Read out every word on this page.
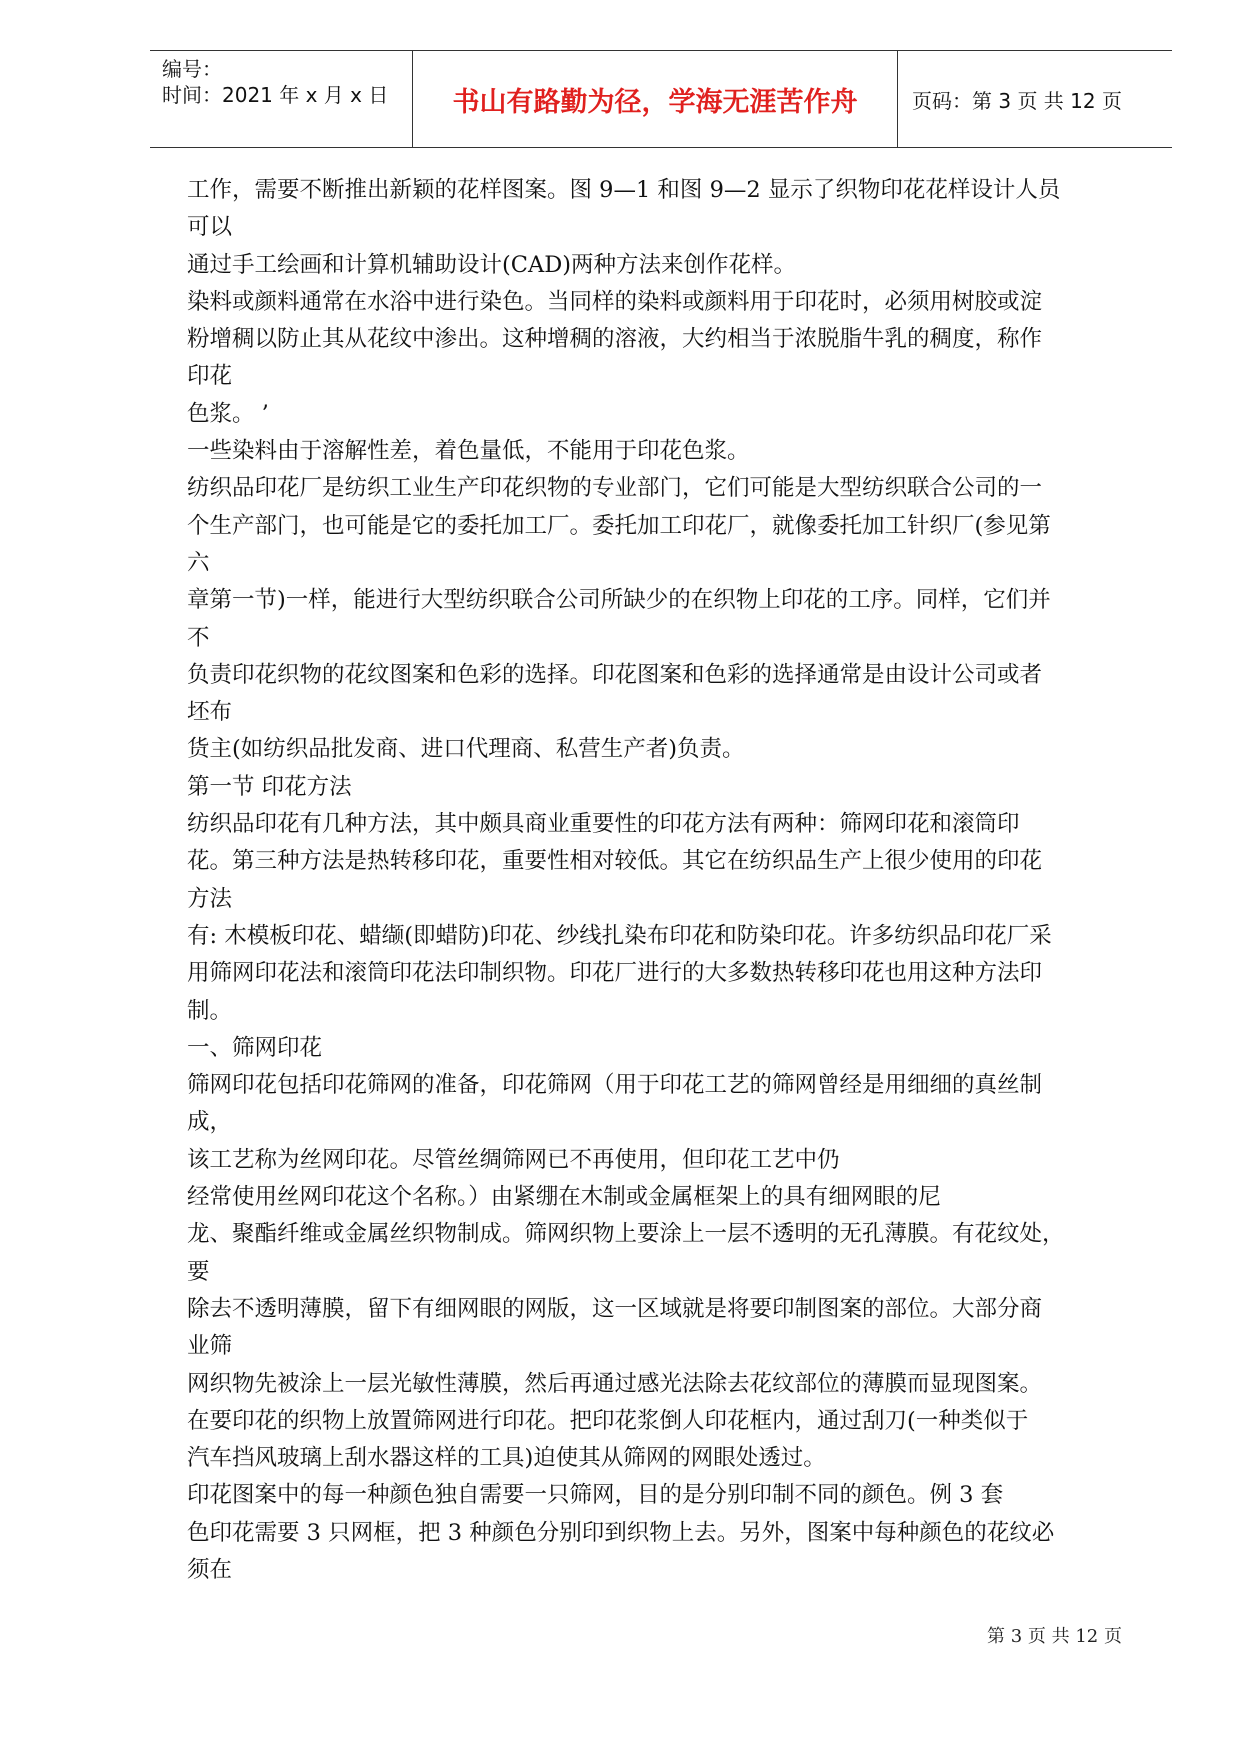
编号：
时间：2021 年 x 月 x 日	书山有路勤为径，学海无涯苦作舟	页码：第 3 页 共 12 页

工作，需要不断推出新颖的花样图案。图 9—1 和图 9—2 显示了织物印花花样设计人员

可以

通过手工绘画和计算机辅助设计(CAD)两种方法来创作花样。

染料或颜料通常在水浴中进行染色。当同样的染料或颜料用于印花时，必须用树胶或淀

粉增稠以防止其从花纹中渗出。这种增稠的溶液，大约相当于浓脱脂牛乳的稠度，称作

印花

色浆。 ’

一些染料由于溶解性差，着色量低，不能用于印花色浆。

纺织品印花厂是纺织工业生产印花织物的专业部门，它们可能是大型纺织联合公司的一

个生产部门，也可能是它的委托加工厂。委托加工印花厂，就像委托加工针织厂(参见第

六

章第一节)一样，能进行大型纺织联合公司所缺少的在织物上印花的工序。同样，它们并

不

负责印花织物的花纹图案和色彩的选择。印花图案和色彩的选择通常是由设计公司或者

坯布

货主(如纺织品批发商、进口代理商、私营生产者)负责。

第一节 印花方法

纺织品印花有几种方法，其中颇具商业重要性的印花方法有两种：筛网印花和滚筒印

花。第三种方法是热转移印花，重要性相对较低。其它在纺织品生产上很少使用的印花

方法

有: 木模板印花、蜡缬(即蜡防)印花、纱线扎染布印花和防染印花。许多纺织品印花厂采

用筛网印花法和滚筒印花法印制织物。印花厂进行的大多数热转移印花也用这种方法印

制。

一、筛网印花

筛网印花包括印花筛网的准备，印花筛网（用于印花工艺的筛网曾经是用细细的真丝制

成，

该工艺称为丝网印花。尽管丝绸筛网已不再使用，但印花工艺中仍

经常使用丝网印花这个名称。）由紧绷在木制或金属框架上的具有细网眼的尼

龙、聚酯纤维或金属丝织物制成。筛网织物上要涂上一层不透明的无孔薄膜。有花纹处，

要

除去不透明薄膜，留下有细网眼的网版，这一区域就是将要印制图案的部位。大部分商

业筛

网织物先被涂上一层光敏性薄膜，然后再通过感光法除去花纹部位的薄膜而显现图案。

在要印花的织物上放置筛网进行印花。把印花浆倒人印花框内，通过刮刀(一种类似于

汽车挡风玻璃上刮水器这样的工具)迫使其从筛网的网眼处透过。

印花图案中的每一种颜色独自需要一只筛网，目的是分别印制不同的颜色。例 3 套

色印花需要 3 只网框，把 3 种颜色分别印到织物上去。另外，图案中每种颜色的花纹必

须在

第 3 页 共 12 页
